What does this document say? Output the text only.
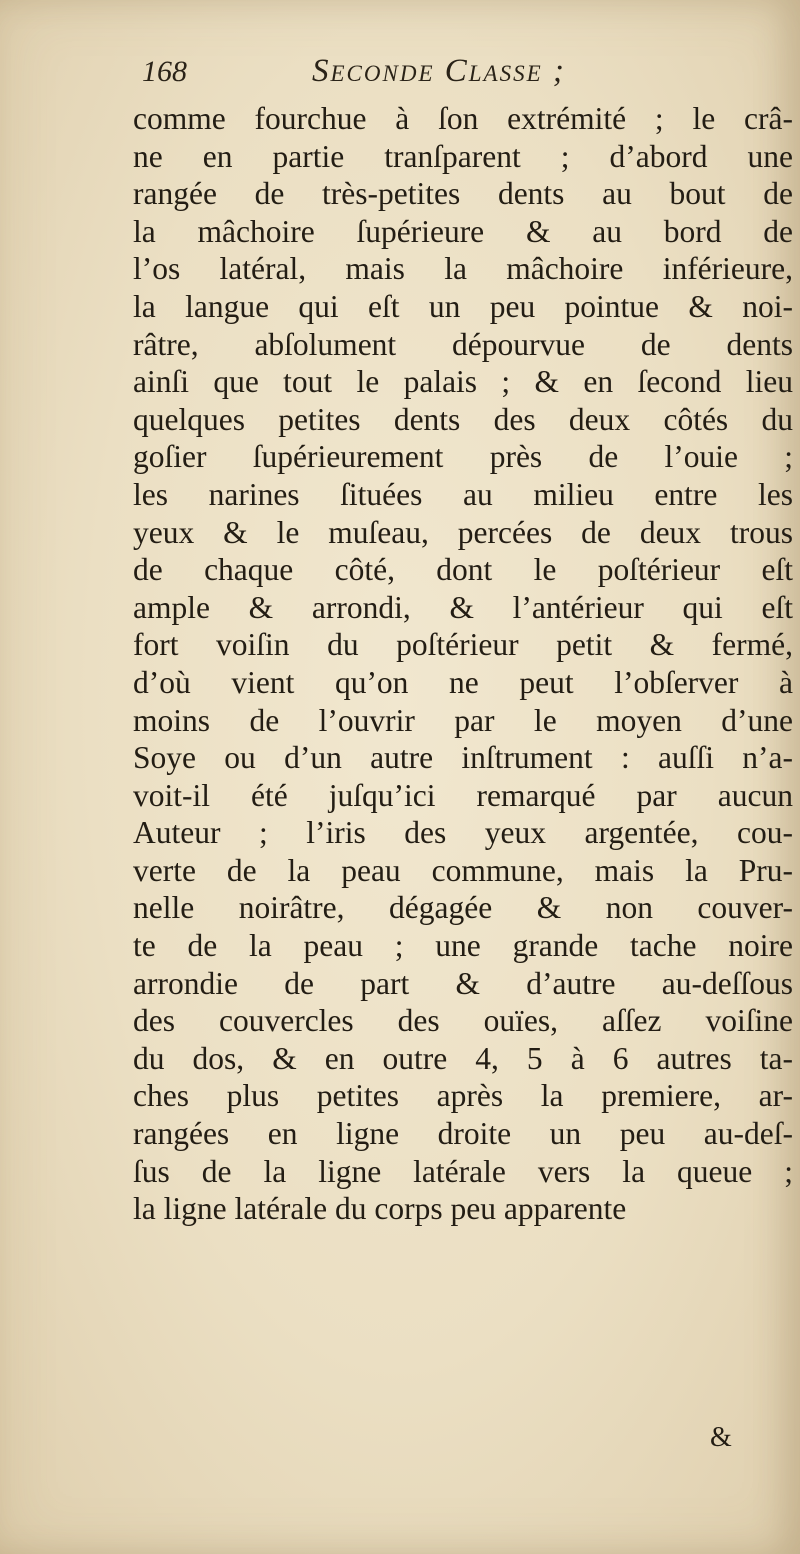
168	Seconde Classe ;
comme fourchue à ſon extrémité ; le crâ-
ne en partie tranſparent ; d’abord une
rangée de très-petites dents au bout de
la mâchoire ſupérieure & au bord de
l’os latéral, mais la mâchoire inférieure,
la langue qui eſt un peu pointue & noi-
râtre, abſolument dépourvue de dents
ainſi que tout le palais ; & en ſecond lieu
quelques petites dents des deux côtés du
goſier ſupérieurement près de l’ouie ;
les narines ſituées au milieu entre les
yeux & le muſeau, percées de deux trous
de chaque côté, dont le poſtérieur eſt
ample & arrondi, & l’antérieur qui eſt
fort voiſin du poſtérieur petit & fermé,
d’où vient qu’on ne peut l’obſerver à
moins de l’ouvrir par le moyen d’une
Soye ou d’un autre inſtrument : auſſi n’a-
voit-il été juſqu’ici remarqué par aucun
Auteur ; l’iris des yeux argentée, cou-
verte de la peau commune, mais la Pru-
nelle noirâtre, dégagée & non couver-
te de la peau ; une grande tache noire
arrondie de part & d’autre au-deſſous
des couvercles des ouïes, aſſez voiſine
du dos, & en outre 4, 5 à 6 autres ta-
ches plus petites après la premiere, ar-
rangées en ligne droite un peu au-deſ-
ſus de la ligne latérale vers la queue ;
la ligne latérale du corps peu apparente
&
